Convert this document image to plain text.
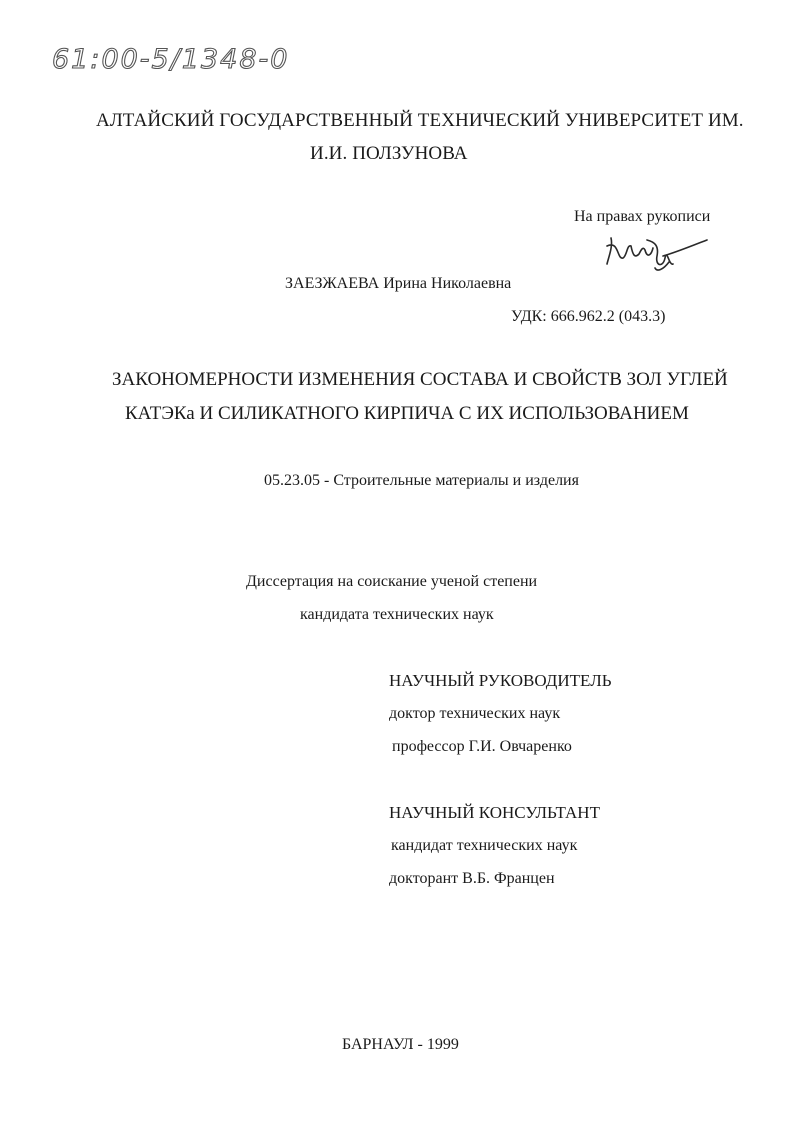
61:00-5/1348-0

АЛТАЙСКИЙ ГОСУДАРСТВЕННЫЙ ТЕХНИЧЕСКИЙ УНИВЕРСИТЕТ ИМ.

И.И. ПОЛЗУНОВА

На правах рукописи

ЗАЕЗЖАЕВА Ирина Николаевна

УДК: 666.962.2 (043.3)

ЗАКОНОМЕРНОСТИ ИЗМЕНЕНИЯ СОСТАВА И СВОЙСТВ ЗОЛ УГЛЕЙ

КАТЭКа И СИЛИКАТНОГО КИРПИЧА С ИХ ИСПОЛЬЗОВАНИЕМ

05.23.05 - Строительные материалы и изделия

Диссертация на соискание ученой степени

кандидата технических наук

НАУЧНЫЙ РУКОВОДИТЕЛЬ

доктор технических наук

профессор Г.И. Овчаренко

НАУЧНЫЙ КОНСУЛЬТАНТ

кандидат технических наук

докторант В.Б. Францен

БАРНАУЛ - 1999
